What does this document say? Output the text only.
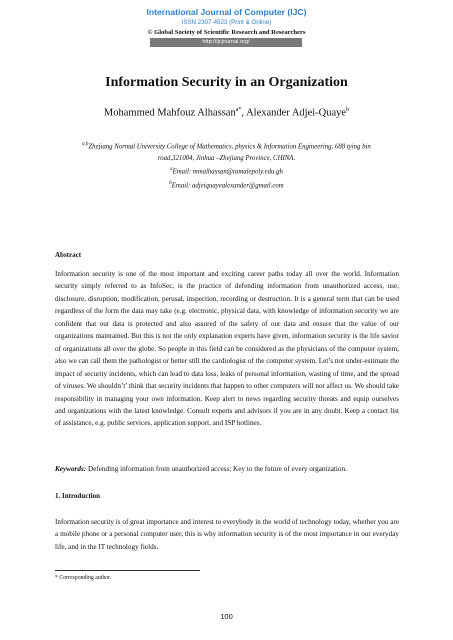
International Journal of Computer (IJC)
ISSN 2307-4523 (Print & Online)
© Global Society of Scientific Research and Researchers
http://ijcjournal.org/
Information Security in an Organization
Mohammed Mahfouz Alhassan$^{a*}$, Alexander Adjei-Quaye$^b$
$^{a,b}$Zhejiang Normal University College of Mathematics, physics & Information Engineering, 688 tying bin
road,321004, Jinhua –Zhejiang Province, CHINA.
$^a$Email: mmalhassan@tamalepoly.edu.gh
$^b$Email: adjeiquayealexander@gmail.com
Abstract
Information security is one of the most important and exciting career paths today all over the world. Information security simply referred to as InfoSec, is the practice of defending information from unauthorized access, use, disclosure, disruption, modification, perusal, inspection, recording or destruction. It is a general term that can be used regardless of the form the data may take (e.g. electronic, physical data, with knowledge of information security we are confident that our data is protected and also assured of the safety of our data and ensure that the value of our organizations maintained. But this is not the only explanation experts have given, information security is the life savior of organizations all over the globe. So people in this field can be considered as the physicians of the computer system, also we can call them the pathologist or better still the cardiologist of the computer system. Let’s not under-estimate the impact of security incidents, which can lead to data loss, leaks of personal information, wasting of time, and the spread of viruses. We shouldn’t’ think that security incidents that happen to other computers will not affect us. We should take responsibility in managing your own information. Keep alert to news regarding security threats and equip ourselves and organizations with the latest knowledge. Consult experts and advisors if you are in any doubt. Keep a contact list of assistance, e.g. public services, application support, and ISP hotlines.
Keywords: Defending information from unauthorized access; Key to the future of every organization.
1. Introduction
Information security is of great importance and interest to everybody in the world of technology today, whether you are a mobile phone or a personal computer user, this is why information security is of the most importance in our everyday life, and in the IT technology fields.
* Corresponding author.
100
